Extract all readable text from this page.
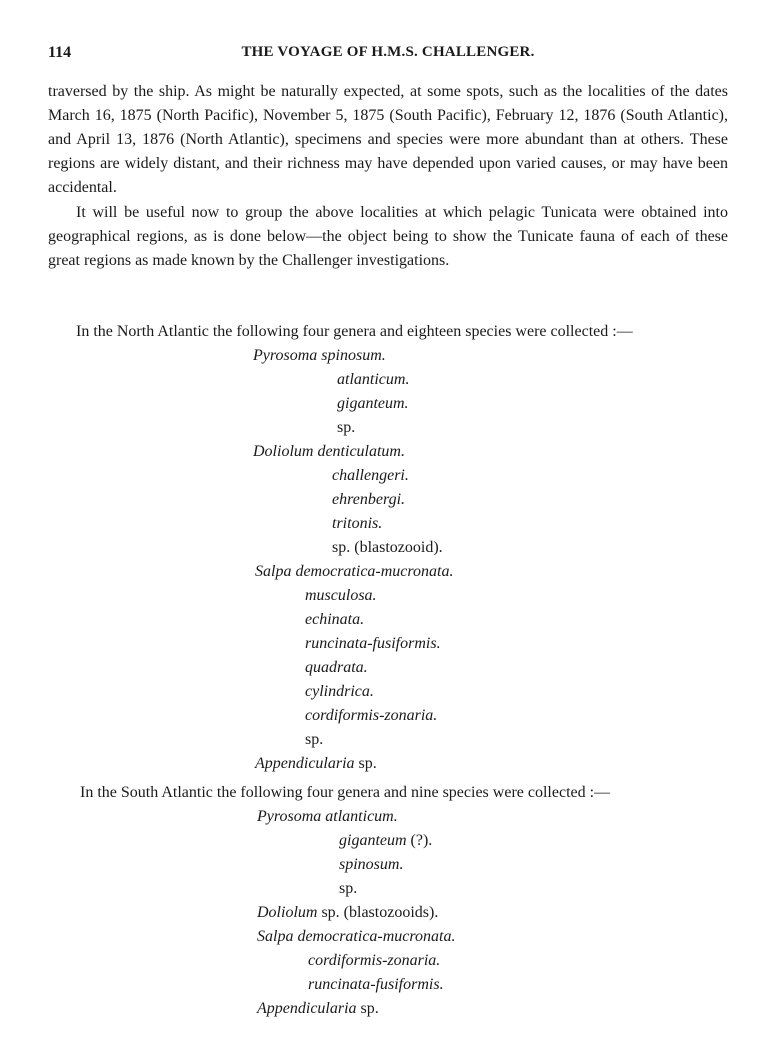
114	THE VOYAGE OF H.M.S. CHALLENGER.

traversed by the ship. As might be naturally expected, at some spots, such as the localities of the dates March 16, 1875 (North Pacific), November 5, 1875 (South Pacific), February 12, 1876 (South Atlantic), and April 13, 1876 (North Atlantic), specimens and species were more abundant than at others. These regions are widely distant, and their richness may have depended upon varied causes, or may have been accidental.

It will be useful now to group the above localities at which pelagic Tunicata were obtained into geographical regions, as is done below—the object being to show the Tunicate fauna of each of these great regions as made known by the Challenger investigations.

In the North Atlantic the following four genera and eighteen species were collected :—

Pyrosoma spinosum.
atlanticum.
giganteum.
sp.
Doliolum denticulatum.
challengeri.
ehrenbergi.
tritonis.
sp. (blastozooid).
Salpa democratica-mucronata.
musculosa.
echinata.
runcinata-fusiformis.
quadrata.
cylindrica.
cordiformis-zonaria.
sp.
Appendicularia sp.

In the South Atlantic the following four genera and nine species were collected :—

Pyrosoma atlanticum.
giganteum (?).
spinosum.
sp.
Doliolum sp. (blastozooids).
Salpa democratica-mucronata.
cordiformis-zonaria.
runcinata-fusiformis.
Appendicularia sp.
